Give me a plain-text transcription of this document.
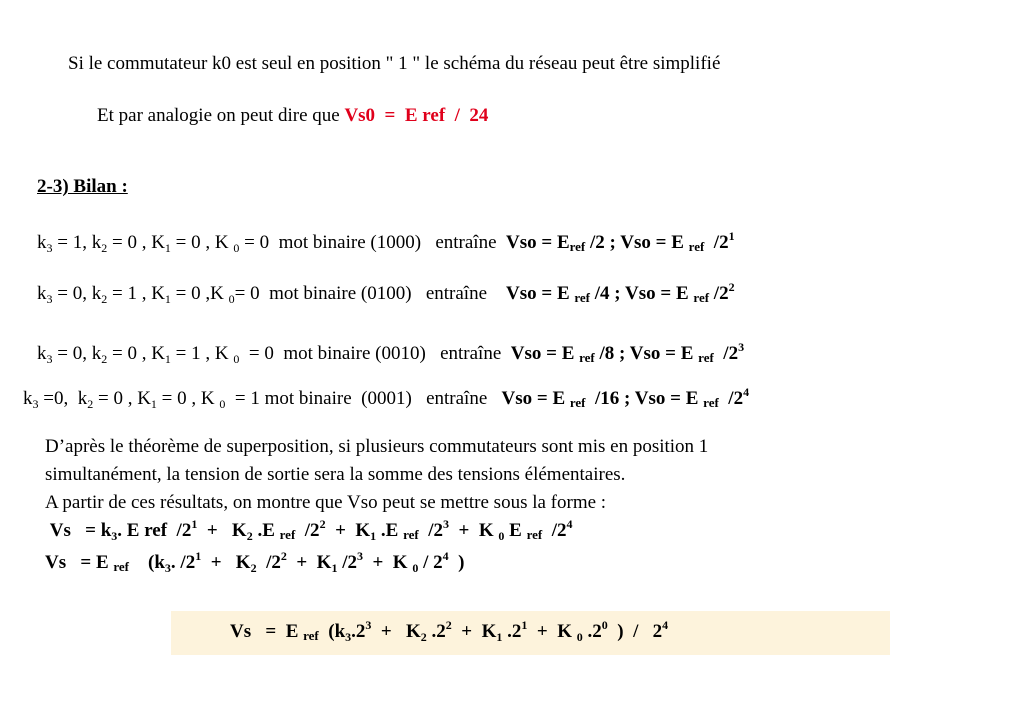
Si le commutateur k0 est seul en position " 1 " le schéma du réseau peut être simplifié
Et par analogie on peut dire que Vs0  =  E ref  /  24
2-3) Bilan :
$k_3 = 1$, $k_2 = 0$ , $K_1 = 0$ , K $_0$ = 0 mot binaire (1000) entraîne Vso = Eref /2 ; Vso = E ref  $/2^1$
$k_3 = 0$, $k_2 = 1$ , $K_1 = 0$ ,K $_0$= 0 mot binaire (0100) entraîne Vso = E ref /4 ; Vso = E ref $/2^2$
$k_3 = 0$, $k_2 = 0$ , $K_1 = 1$ , K $_0$  = 0 mot binaire (0010) entraîne Vso = E ref /8 ; Vso = E ref  $/2^3$
$k_3 =0$,  $k_2 = 0$ , $K_1 = 0$ , K $_0$  = 1 mot binaire (0001) entraîne Vso = E ref  /16 ; Vso = E ref  $/2^4$
D’après le théorème de superposition, si plusieurs commutateurs sont mis en position 1
simultanément, la tension de sortie sera la somme des tensions élémentaires.
A partir de ces résultats, on montre que Vso peut se mettre sous la forme :
$Vs = k_3$. E ref  $/2^1 + K_2$ .E ref  $/2^2 + K_1$ .E ref  $/2^3 + K$ $_0$ E ref  $/2^4$
Vs   = E ref    ($k_3$. $/2^1 + K_2$  $/2^2 + K_1$ $/2^3 + K$ $_0 / 2^4$  )
Vs   =  E ref  ($k_3.2^3 + K_2$ $.2^2 + K_1$ $.2^1 + K$ $_0$ $.2^0$  )  /   $2^4$
